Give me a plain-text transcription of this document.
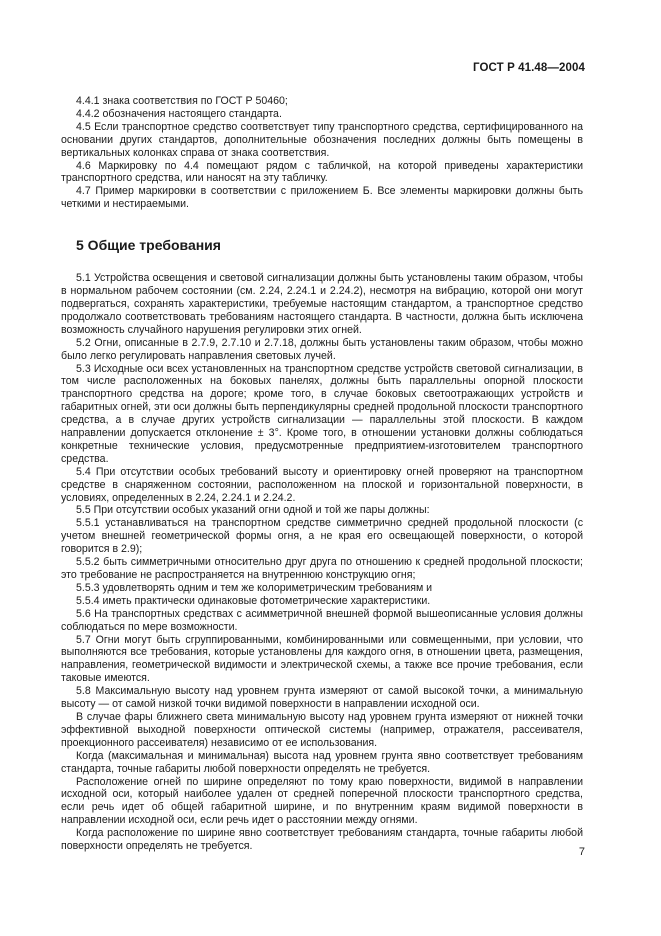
ГОСТ Р 41.48—2004

4.4.1 знака соответствия по ГОСТ Р 50460;

4.4.2 обозначения настоящего стандарта.

4.5 Если транспортное средство соответствует типу транспортного средства, сертифицированного на основании других стандартов, дополнительные обозначения последних должны быть помещены в вертикальных колонках справа от знака соответствия.

4.6 Маркировку по 4.4 помещают рядом с табличкой, на которой приведены характеристики транспортного средства, или наносят на эту табличку.

4.7 Пример маркировки в соответствии с приложением Б. Все элементы маркировки должны быть четкими и нестираемыми.

5 Общие требования

5.1 Устройства освещения и световой сигнализации должны быть установлены таким образом, чтобы в нормальном рабочем состоянии (см. 2.24, 2.24.1 и 2.24.2), несмотря на вибрацию, которой они могут подвергаться, сохранять характеристики, требуемые настоящим стандартом, а транспортное средство продолжало соответствовать требованиям настоящего стандарта. В частности, должна быть исключена возможность случайного нарушения регулировки этих огней.

5.2 Огни, описанные в 2.7.9, 2.7.10 и 2.7.18, должны быть установлены таким образом, чтобы можно было легко регулировать направления световых лучей.

5.3 Исходные оси всех установленных на транспортном средстве устройств световой сигнализации, в том числе расположенных на боковых панелях, должны быть параллельны опорной плоскости транспортного средства на дороге; кроме того, в случае боковых светоотражающих устройств и габаритных огней, эти оси должны быть перпендикулярны средней продольной плоскости транспортного средства, а в случае других устройств сигнализации — параллельны этой плоскости. В каждом направлении допускается отклонение ± 3°. Кроме того, в отношении установки должны соблюдаться конкретные технические условия, предусмотренные предприятием-изготовителем транспортного средства.

5.4 При отсутствии особых требований высоту и ориентировку огней проверяют на транспортном средстве в снаряженном состоянии, расположенном на плоской и горизонтальной поверхности, в условиях, определенных в 2.24, 2.24.1 и 2.24.2.

5.5 При отсутствии особых указаний огни одной и той же пары должны:

5.5.1 устанавливаться на транспортном средстве симметрично средней продольной плоскости (с учетом внешней геометрической формы огня, а не края его освещающей поверхности, о которой говорится в 2.9);

5.5.2 быть симметричными относительно друг друга по отношению к средней продольной плоскости; это требование не распространяется на внутреннюю конструкцию огня;

5.5.3 удовлетворять одним и тем же колориметрическим требованиям и

5.5.4 иметь практически одинаковые фотометрические характеристики.

5.6 На транспортных средствах с асимметричной внешней формой вышеописанные условия должны соблюдаться по мере возможности.

5.7 Огни могут быть сгруппированными, комбинированными или совмещенными, при условии, что выполняются все требования, которые установлены для каждого огня, в отношении цвета, размещения, направления, геометрической видимости и электрической схемы, а также все прочие требования, если таковые имеются.

5.8 Максимальную высоту над уровнем грунта измеряют от самой высокой точки, а минимальную высоту — от самой низкой точки видимой поверхности в направлении исходной оси.

В случае фары ближнего света минимальную высоту над уровнем грунта измеряют от нижней точки эффективной выходной поверхности оптической системы (например, отражателя, рассеивателя, проекционного рассеивателя) независимо от ее использования.

Когда (максимальная и минимальная) высота над уровнем грунта явно соответствует требованиям стандарта, точные габариты любой поверхности определять не требуется.

Расположение огней по ширине определяют по тому краю поверхности, видимой в направлении исходной оси, который наиболее удален от средней поперечной плоскости транспортного средства, если речь идет об общей габаритной ширине, и по внутренним краям видимой поверхности в направлении исходной оси, если речь идет о расстоянии между огнями.

Когда расположение по ширине явно соответствует требованиям стандарта, точные габариты любой поверхности определять не требуется.	7
